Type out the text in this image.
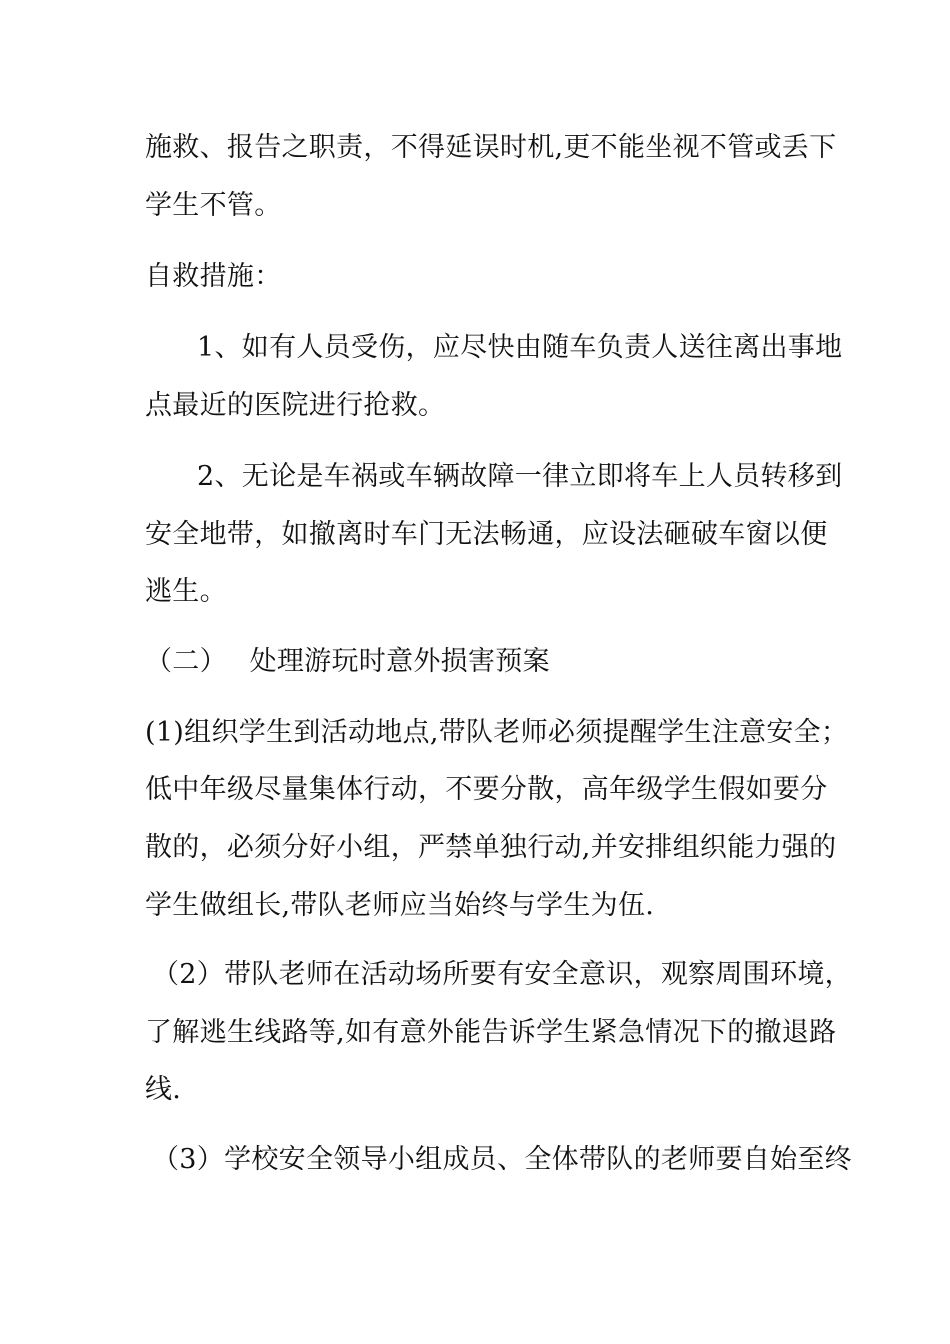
施救、报告之职责，不得延误时机,更不能坐视不管或丢下
学生不管。
自救措施：
1、如有人员受伤，应尽快由随车负责人送往离出事地
点最近的医院进行抢救。
2、无论是车祸或车辆故障一律立即将车上人员转移到
安全地带，如撤离时车门无法畅通，应设法砸破车窗以便
逃生。
（二）　 处理游玩时意外损害预案
(1)组织学生到活动地点,带队老师必须提醒学生注意安全；
低中年级尽量集体行动，不要分散，高年级学生假如要分
散的，必须分好小组，严禁单独行动,并安排组织能力强的
学生做组长,带队老师应当始终与学生为伍.
（2）带队老师在活动场所要有安全意识，观察周围环境，
了解逃生线路等,如有意外能告诉学生紧急情况下的撤退路
线.
（3）学校安全领导小组成员、全体带队的老师要自始至终
